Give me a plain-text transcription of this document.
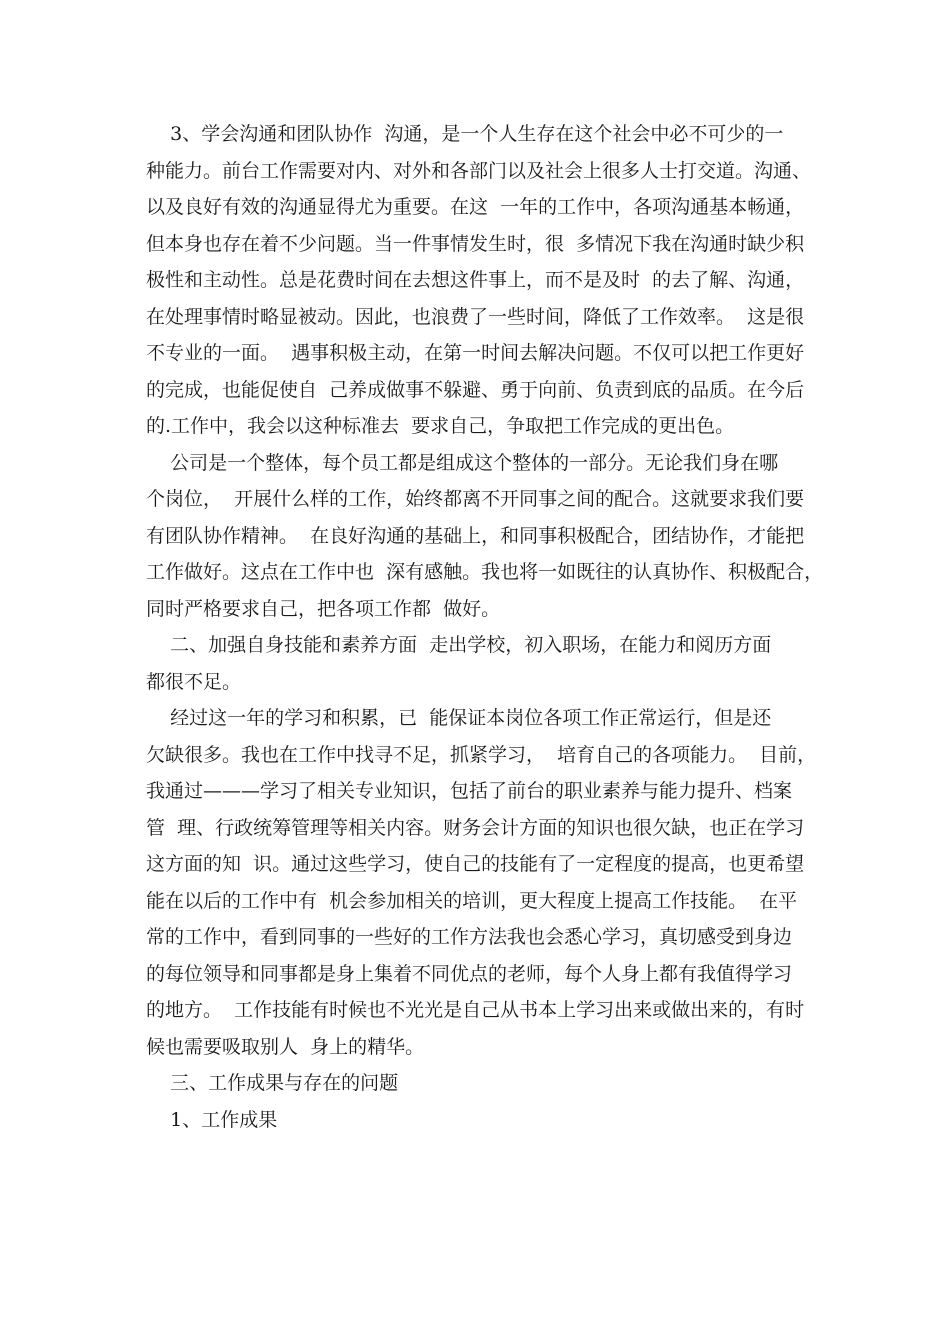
3、学会沟通和团队协作  沟通，是一个人生存在这个社会中必不可少的一
种能力。前台工作需要对内、对外和各部门以及社会上很多人士打交道。沟通、
以及良好有效的沟通显得尤为重要。在这  一年的工作中，各项沟通基本畅通，
但本身也存在着不少问题。当一件事情发生时，很  多情况下我在沟通时缺少积
极性和主动性。总是花费时间在去想这件事上，而不是及时  的去了解、沟通，
在处理事情时略显被动。因此，也浪费了一些时间，降低了工作效率。  这是很
不专业的一面。  遇事积极主动，在第一时间去解决问题。不仅可以把工作更好
的完成，也能促使自  己养成做事不躲避、勇于向前、负责到底的品质。在今后
的.工作中，我会以这种标准去  要求自己，争取把工作完成的更出色。
公司是一个整体，每个员工都是组成这个整体的一部分。无论我们身在哪
个岗位，  开展什么样的工作，始终都离不开同事之间的配合。这就要求我们要
有团队协作精神。  在良好沟通的基础上，和同事积极配合，团结协作，才能把
工作做好。这点在工作中也  深有感触。我也将一如既往的认真协作、积极配合，
同时严格要求自己，把各项工作都  做好。
二、加强自身技能和素养方面  走出学校，初入职场，在能力和阅历方面
都很不足。
经过这一年的学习和积累，已  能保证本岗位各项工作正常运行，但是还
欠缺很多。我也在工作中找寻不足，抓紧学习，  培育自己的各项能力。  目前，
我通过———学习了相关专业知识，包括了前台的职业素养与能力提升、档案
管  理、行政统筹管理等相关内容。财务会计方面的知识也很欠缺，也正在学习
这方面的知  识。通过这些学习，使自己的技能有了一定程度的提高，也更希望
能在以后的工作中有  机会参加相关的培训，更大程度上提高工作技能。  在平
常的工作中，看到同事的一些好的工作方法我也会悉心学习，真切感受到身边
的每位领导和同事都是身上集着不同优点的老师，每个人身上都有我值得学习
的地方。  工作技能有时候也不光光是自己从书本上学习出来或做出来的，有时
候也需要吸取别人  身上的精华。
三、工作成果与存在的问题
1、工作成果
